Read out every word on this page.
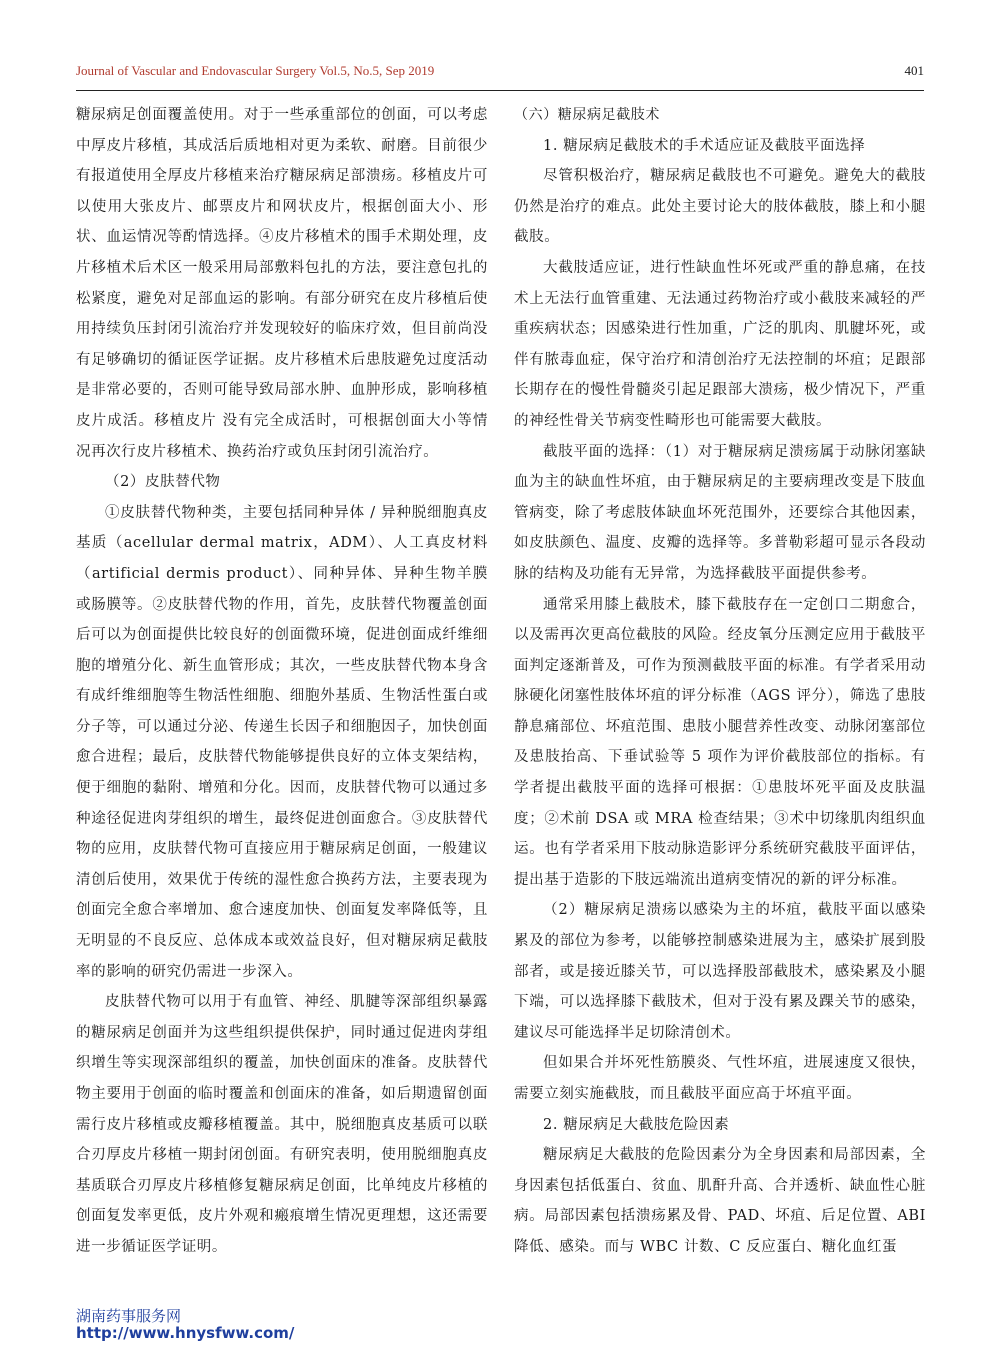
Journal of Vascular and Endovascular Surgery Vol.5, No.5, Sep 2019	401

糖尿病足创面覆盖使用。对于一些承重部位的创面，可以考虑中厚皮片移植，其成活后质地相对更为柔软、耐磨。目前很少有报道使用全厚皮片移植来治疗糖尿病足部溃疡。移植皮片可以使用大张皮片、邮票皮片和网状皮片，根据创面大小、形状、血运情况等酌情选择。④皮片移植术的围手术期处理，皮片移植术后术区一般采用局部敷料包扎的方法，要注意包扎的松紧度，避免对足部血运的影响。有部分研究在皮片移植后使用持续负压封闭引流治疗并发现较好的临床疗效，但目前尚没有足够确切的循证医学证据。皮片移植术后患肢避免过度活动是非常必要的，否则可能导致局部水肿、血肿形成，影响移植皮片成活。移植皮片 没有完全成活时，可根据创面大小等情况再次行皮片移植术、换药治疗或负压封闭引流治疗。

（2）皮肤替代物

①皮肤替代物种类，主要包括同种异体 / 异种脱细胞真皮基质（acellular dermal matrix，ADM）、人工真皮材料（artificial dermis product）、同种异体、异种生物羊膜或肠膜等。②皮肤替代物的作用，首先，皮肤替代物覆盖创面后可以为创面提供比较良好的创面微环境，促进创面成纤维细胞的增殖分化、新生血管形成；其次，一些皮肤替代物本身含有成纤维细胞等生物活性细胞、细胞外基质、生物活性蛋白或分子等，可以通过分泌、传递生长因子和细胞因子，加快创面愈合进程；最后，皮肤替代物能够提供良好的立体支架结构，便于细胞的黏附、增殖和分化。因而，皮肤替代物可以通过多种途径促进肉芽组织的增生，最终促进创面愈合。③皮肤替代物的应用，皮肤替代物可直接应用于糖尿病足创面，一般建议清创后使用，效果优于传统的湿性愈合换药方法，主要表现为创面完全愈合率增加、愈合速度加快、创面复发率降低等，且无明显的不良反应、总体成本或效益良好，但对糖尿病足截肢率的影响的研究仍需进一步深入。

皮肤替代物可以用于有血管、神经、肌腱等深部组织暴露的糖尿病足创面并为这些组织提供保护，同时通过促进肉芽组织增生等实现深部组织的覆盖，加快创面床的准备。皮肤替代物主要用于创面的临时覆盖和创面床的准备，如后期遗留创面需行皮片移植或皮瓣移植覆盖。其中，脱细胞真皮基质可以联合刃厚皮片移植一期封闭创面。有研究表明，使用脱细胞真皮基质联合刃厚皮片移植修复糖尿病足创面，比单纯皮片移植的创面复发率更低，皮片外观和瘢痕增生情况更理想，这还需要进一步循证医学证明。

（六）糖尿病足截肢术

1. 糖尿病足截肢术的手术适应证及截肢平面选择

尽管积极治疗，糖尿病足截肢也不可避免。避免大的截肢仍然是治疗的难点。此处主要讨论大的肢体截肢，膝上和小腿截肢。

大截肢适应证，进行性缺血性坏死或严重的静息痛，在技术上无法行血管重建、无法通过药物治疗或小截肢来减轻的严重疾病状态；因感染进行性加重，广泛的肌肉、肌腱坏死，或伴有脓毒血症，保守治疗和清创治疗无法控制的坏疽；足跟部长期存在的慢性骨髓炎引起足跟部大溃疡，极少情况下，严重的神经性骨关节病变性畸形也可能需要大截肢。

截肢平面的选择：（1）对于糖尿病足溃疡属于动脉闭塞缺血为主的缺血性坏疽，由于糖尿病足的主要病理改变是下肢血管病变，除了考虑肢体缺血坏死范围外，还要综合其他因素，如皮肤颜色、温度、皮瓣的选择等。多普勒彩超可显示各段动脉的结构及功能有无异常，为选择截肢平面提供参考。

通常采用膝上截肢术，膝下截肢存在一定创口二期愈合，以及需再次更高位截肢的风险。经皮氧分压测定应用于截肢平面判定逐渐普及，可作为预测截肢平面的标准。有学者采用动脉硬化闭塞性肢体坏疽的评分标准（AGS 评分），筛选了患肢静息痛部位、坏疽范围、患肢小腿营养性改变、动脉闭塞部位及患肢抬高、下垂试验等 5 项作为评价截肢部位的指标。有学者提出截肢平面的选择可根据：①患肢坏死平面及皮肤温度；②术前 DSA 或 MRA 检查结果；③术中切缘肌肉组织血运。也有学者采用下肢动脉造影评分系统研究截肢平面评估，提出基于造影的下肢远端流出道病变情况的新的评分标准。

（2）糖尿病足溃疡以感染为主的坏疽，截肢平面以感染累及的部位为参考，以能够控制感染进展为主，感染扩展到股部者，或是接近膝关节，可以选择股部截肢术，感染累及小腿下端，可以选择膝下截肢术，但对于没有累及踝关节的感染，建议尽可能选择半足切除清创术。

但如果合并坏死性筋膜炎、气性坏疽，进展速度又很快，需要立刻实施截肢，而且截肢平面应高于坏疽平面。

2. 糖尿病足大截肢危险因素

糖尿病足大截肢的危险因素分为全身因素和局部因素，全身因素包括低蛋白、贫血、肌酐升高、合并透析、缺血性心脏病。局部因素包括溃疡累及骨、PAD、坏疽、后足位置、ABI 降低、感染。而与 WBC 计数、C 反应蛋白、糖化血红蛋

湖南药事服务网
http://www.hnysfww.com/
